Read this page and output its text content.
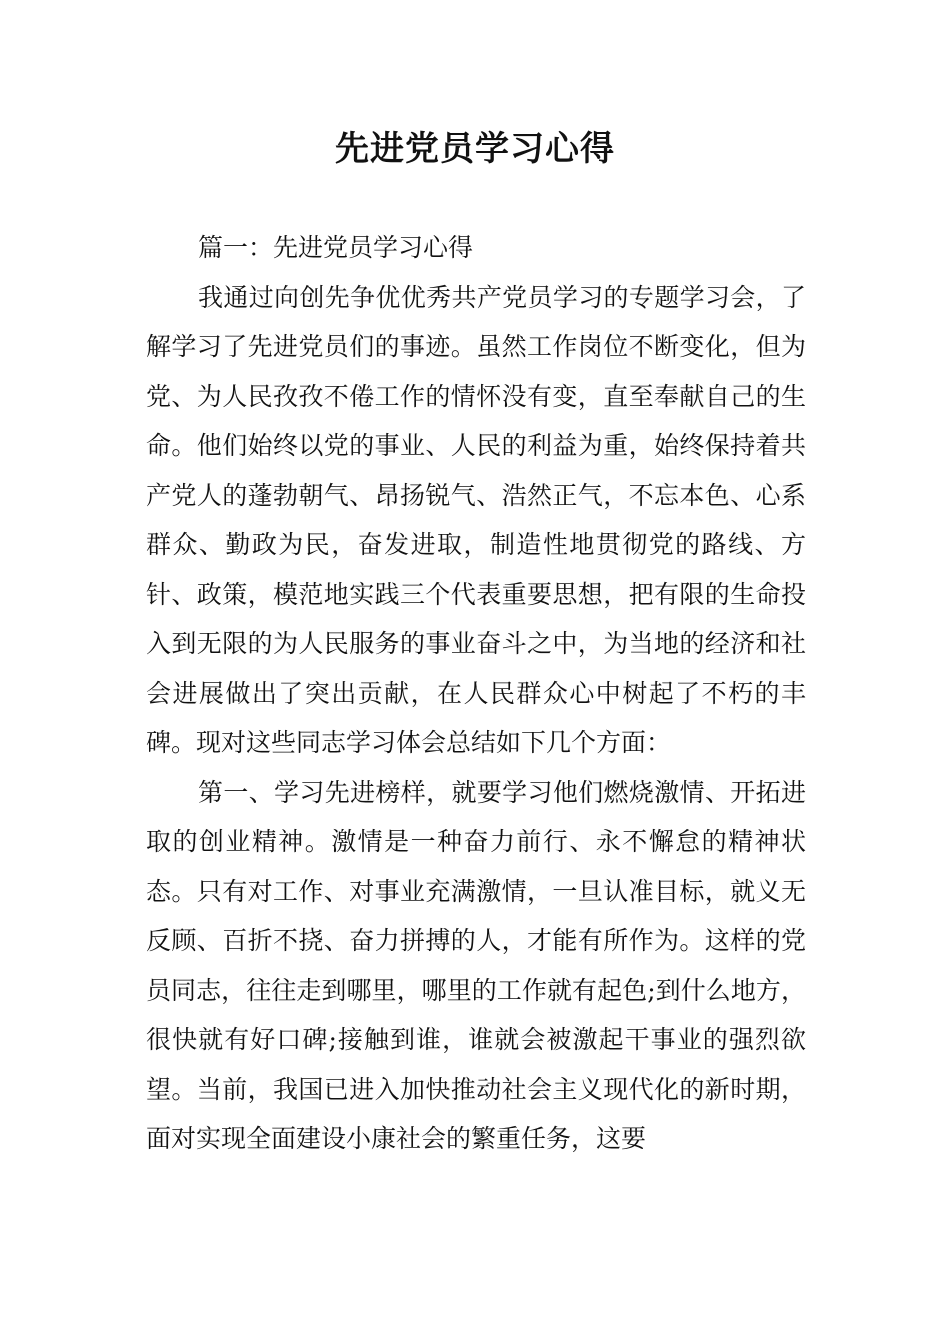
先进党员学习心得

篇一：先进党员学习心得

我通过向创先争优优秀共产党员学习的专题学习会，了解学习了先进党员们的事迹。虽然工作岗位不断变化，但为党、为人民孜孜不倦工作的情怀没有变，直至奉献自己的生命。他们始终以党的事业、人民的利益为重，始终保持着共产党人的蓬勃朝气、昂扬锐气、浩然正气，不忘本色、心系群众、勤政为民，奋发进取，制造性地贯彻党的路线、方针、政策，模范地实践三个代表重要思想，把有限的生命投入到无限的为人民服务的事业奋斗之中，为当地的经济和社会进展做出了突出贡献，在人民群众心中树起了不朽的丰碑。现对这些同志学习体会总结如下几个方面：

第一、学习先进榜样，就要学习他们燃烧激情、开拓进取的创业精神。激情是一种奋力前行、永不懈怠的精神状态。只有对工作、对事业充满激情，一旦认准目标，就义无反顾、百折不挠、奋力拼搏的人，才能有所作为。这样的党员同志，往往走到哪里，哪里的工作就有起色;到什么地方，很快就有好口碑;接触到谁，谁就会被激起干事业的强烈欲望。当前，我国已进入加快推动社会主义现代化的新时期，面对实现全面建设小康社会的繁重任务，这要
